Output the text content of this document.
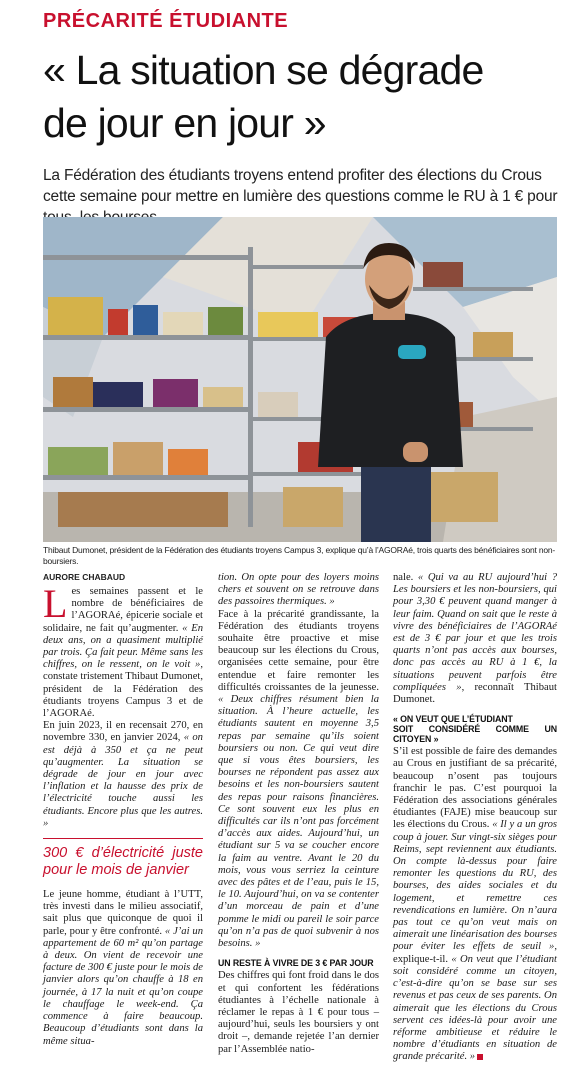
PRÉCARITÉ ÉTUDIANTE
« La situation se dégrade
de jour en jour »
La Fédération des étudiants troyens entend profiter des élections du Crous cette semaine pour mettre en lumière des questions comme le RU à 1 € pour
Thibaut Dumonet, président de la Fédération des étudiants troyens Campus 3, explique qu’à l’AGORAé, trois quarts des bénéficiaires sont non-boursiers.
AURORE CHABAUD

Les semaines passent et le nombre de bénéficiaires de l’AGORAé, épicerie sociale et solidaire, ne fait qu’augmenter. « En deux ans, on a quasiment multiplié par trois. Ça fait peur. Même sans les chiffres, on le ressent, on le voit », constate tristement Thibaut Dumonet, président de la Fédération des étudiants troyens Campus 3 et de l’AGORAé.

En juin 2023, il en recensait 270, en novembre 330, en janvier 2024, « on est déjà à 350 et ça ne peut qu’augmenter. La situation se dégrade de jour en jour avec l’inflation et la hausse des prix de l’électricité touche aussi les étudiants. Encore plus que les autres. »

300 € d’électricité juste pour le mois de janvier

Le jeune homme, étudiant à l’UTT, très investi dans le milieu associatif, sait plus que quiconque de quoi il parle, pour y être confronté. « J’ai un appartement de 60 m² qu’on partage à deux. On vient de recevoir une facture de 300 € juste pour le mois de janvier alors qu’on chauffe à 18 en journée, à 17 la nuit et qu’on coupe le chauffage le week-end. Ça commence à faire beaucoup. Beaucoup d’étudiants sont dans la même situa-

tion. On opte pour des loyers moins chers et souvent on se retrouve dans des passoires thermiques. »

Face à la précarité grandissante, la Fédération des étudiants troyens souhaite être proactive et mise beaucoup sur les élections du Crous, organisées cette semaine, pour être entendue et faire remonter les difficultés croissantes de la jeunesse. « Deux chiffres résument bien la situation. À l’heure actuelle, les étudiants sautent en moyenne 3,5 repas par semaine qu’ils soient boursiers ou non. Ce qui veut dire que si vous êtes boursiers, les bourses ne répondent pas assez aux besoins et les non-boursiers sautent des repas pour raisons financières. Ce sont souvent eux les plus en difficultés car ils n’ont pas forcément d’accès aux aides. Aujourd’hui, un étudiant sur 5 va se coucher encore la faim au ventre. Avant le 20 du mois, vous vous serriez la ceinture avec des pâtes et de l’eau, puis le 15, le 10. Aujourd’hui, on va se contenter d’un morceau de pain et d’une pomme le midi ou pareil le soir parce qu’on n’a pas de quoi subvenir à nos besoins. »

UN RESTE À VIVRE DE 3 € PAR JOUR

Des chiffres qui font froid dans le dos et qui confortent les fédérations étudiantes à l’échelle nationale à réclamer le repas à 1 € pour tous – aujourd’hui, seuls les boursiers y ont droit –, demande rejetée l’an dernier par l’Assemblée natio-

nale. « Qui va au RU aujourd’hui ? Les boursiers et les non-boursiers, qui pour 3,30 € peuvent quand manger à leur faim. Quand on sait que le reste à vivre des bénéficiaires de l’AGORAé est de 3 € par jour et que les trois quarts n’ont pas accès aux bourses, donc pas accès au RU à 1 €, la situations peuvent parfois être compliquées », reconnaît Thibaut Dumonet.

« ON VEUT QUE L’ÉTUDIANT
SOIT CONSIDÉRÉ COMME UN CITOYEN »

S’il est possible de faire des demandes au Crous en justifiant de sa précarité, beaucoup n’osent pas toujours franchir le pas. C’est pourquoi la Fédération des associations générales étudiantes (FAJE) mise beaucoup sur les élections du Crous. « Il y a un gros coup à jouer. Sur vingt-six sièges pour Reims, sept reviennent aux étudiants. On compte là-dessus pour faire remonter les questions du RU, des bourses, des aides sociales et du logement, et remettre ces revendications en lumière. On n’aura pas tout ce qu’on veut mais on aimerait une linéarisation des bourses pour éviter les effets de seuil », explique-t-il. « On veut que l’étudiant soit considéré comme un citoyen, c’est-à-dire qu’on se base sur ses revenus et pas ceux de ses parents. On aimerait que les élections du Crous servent ces idées-là pour avoir une réforme ambitieuse et réduire le nombre d’étudiants en situation de grande précarité. »
